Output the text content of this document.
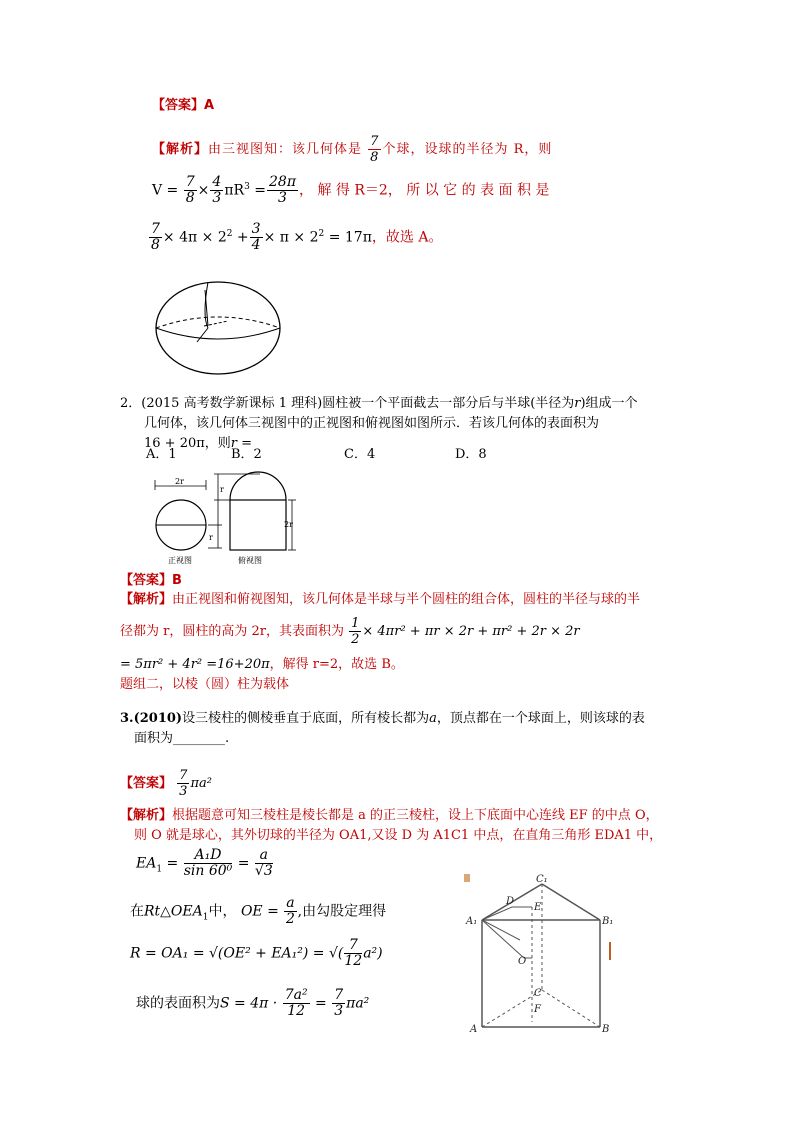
【答案】A
【解析】由三视图知：该几何体是 $\frac{7}{8}$ 个球，设球的半径为 R，则
$V = \frac{7}{8} \times \frac{4}{3} \pi R^3 = \frac{28\pi}{3}$ ， 解 得 R＝2， 所 以 它 的 表 面 积 是
$\frac{7}{8} \times 4\pi \times 2^2 + \frac{3}{4} \times \pi \times 2^2 = 17\pi$，故选 A。
2．(2015 高考数学新课标 1 理科)圆柱被一个平面截去一部分后与半球(半径为r)组成一个
几何体，该几何体三视图中的正视图和俯视图如图所示．若该几何体的表面积为
16 + 20π，则r =
A．1	B．2	C．4	D．8
2r
r
r
2r
正视图	俯视图
【答案】B
【解析】由正视图和俯视图知，该几何体是半球与半个圆柱的组合体，圆柱的半径与球的半
径都为 r，圆柱的高为 2r，其表面积为 $\frac{1}{2} \times 4\pi r^2 + \pi r \times 2r + \pi r^2 + 2r \times 2r$
= 5πr² + 4r² =16+20π，解得 r=2，故选 B。
题组二，以棱（圆）柱为载体
3.(2010)设三棱柱的侧棱垂直于底面，所有棱长都为a，顶点都在一个球面上，则该球的表
面积为________.
【答案】 $\frac{7}{3} \pi a^2$
【解析】根据题意可知三棱柱是棱长都是 a 的正三棱柱，设上下底面中心连线 EF 的中点 O，
则 O 就是球心，其外切球的半径为 OA1,又设 D 为 A1C1 中点，在直角三角形 EDA1 中，
$EA_1 = \frac{\text{A₁D}}{\text{sin 60⁰}} = \frac{a}{√3}$
在$Rt\triangle OEA_1$中， OE = $\frac{a}{2}$ ,由勾股定理得
R = OA₁ = √(OE² + EA₁²) = √( $\frac{7}{12} a^2$)
球的表面积为$S = 4\pi \cdot \frac{\text{7a²}}{12} = \frac{7}{3} \pi a^2$
A₁	B₁
C₁
D
E
O
C
F
A	B
